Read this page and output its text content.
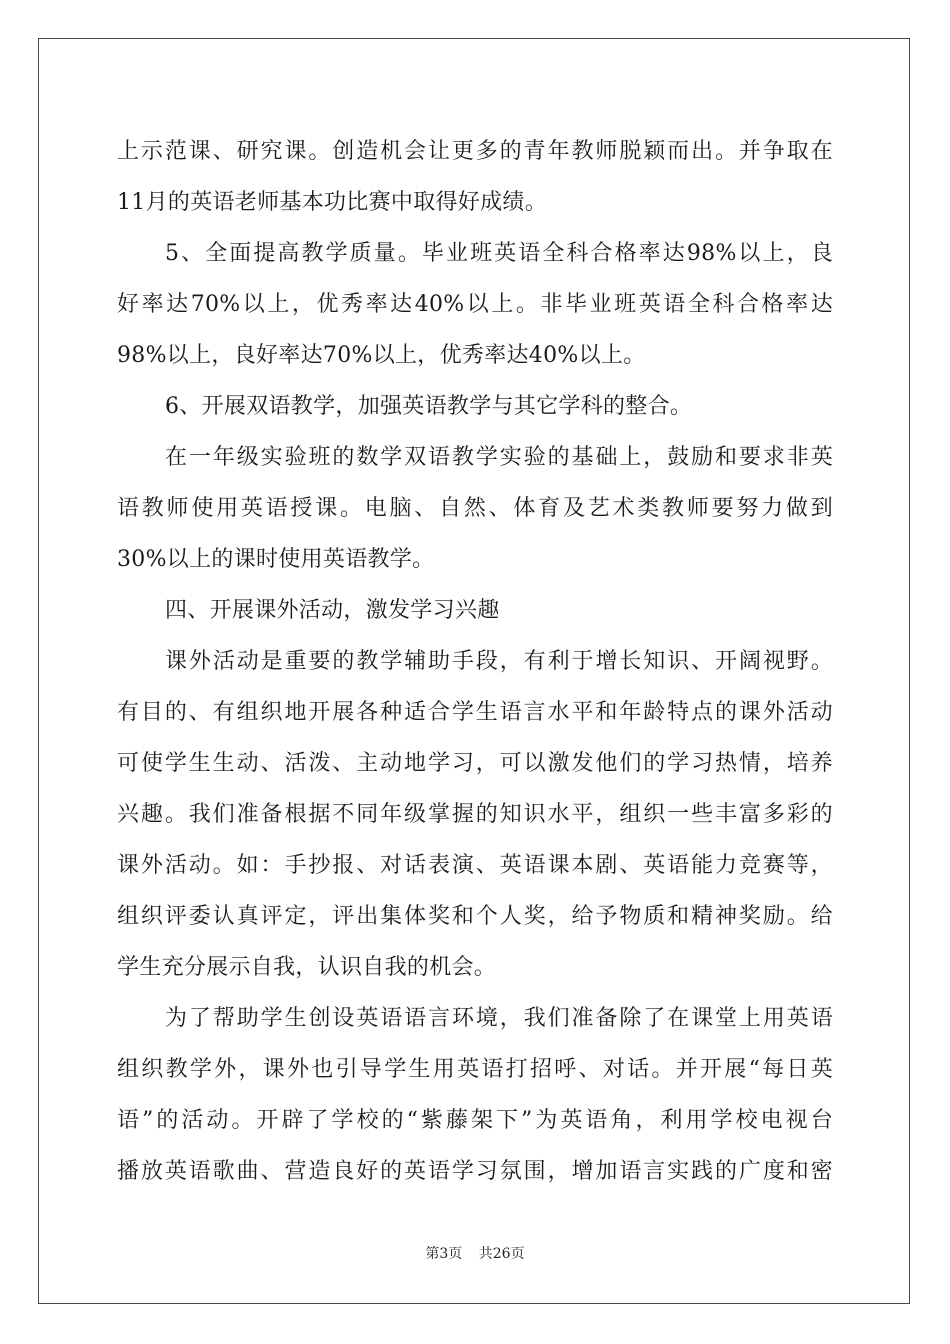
上示范课、研究课。创造机会让更多的青年教师脱颖而出。并争取在
11月的英语老师基本功比赛中取得好成绩。
5、全面提高教学质量。毕业班英语全科合格率达98%以上，良
好率达70%以上，优秀率达40%以上。非毕业班英语全科合格率达
98%以上，良好率达70%以上，优秀率达40%以上。
6、开展双语教学，加强英语教学与其它学科的整合。
在一年级实验班的数学双语教学实验的基础上，鼓励和要求非英
语教师使用英语授课。电脑、自然、体育及艺术类教师要努力做到
30%以上的课时使用英语教学。
四、开展课外活动，激发学习兴趣
课外活动是重要的教学辅助手段，有利于增长知识、开阔视野。
有目的、有组织地开展各种适合学生语言水平和年龄特点的课外活动
可使学生生动、活泼、主动地学习，可以激发他们的学习热情，培养
兴趣。我们准备根据不同年级掌握的知识水平，组织一些丰富多彩的
课外活动。如：手抄报、对话表演、英语课本剧、英语能力竞赛等，
组织评委认真评定，评出集体奖和个人奖，给予物质和精神奖励。给
学生充分展示自我，认识自我的机会。
为了帮助学生创设英语语言环境，我们准备除了在课堂上用英语
组织教学外，课外也引导学生用英语打招呼、对话。并开展“每日英
语”的活动。开辟了学校的“紫藤架下”为英语角，利用学校电视台
播放英语歌曲、营造良好的英语学习氛围，增加语言实践的广度和密
第3页 共26页
